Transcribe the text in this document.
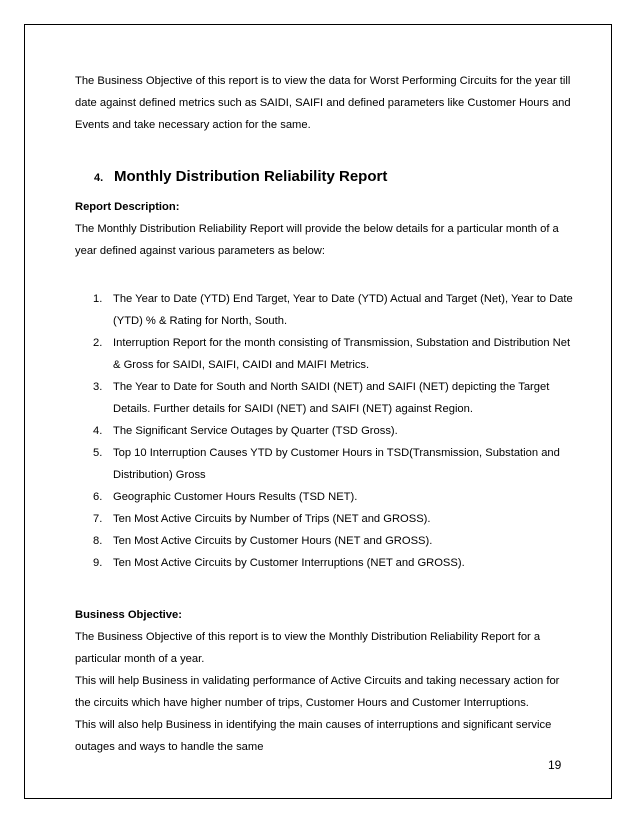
The Business Objective of this report is to view the data for Worst Performing Circuits for the year till date against defined metrics such as SAIDI, SAIFI and defined parameters like Customer Hours and Events and take necessary action for the same.

4. Monthly Distribution Reliability Report

Report Description:

The Monthly Distribution Reliability Report will provide the below details for a particular month of a year defined against various parameters as below:

1. The Year to Date (YTD) End Target, Year to Date (YTD) Actual and Target (Net), Year to Date (YTD) % & Rating for North, South.
2. Interruption Report for the month consisting of Transmission, Substation and Distribution Net & Gross for SAIDI, SAIFI, CAIDI and MAIFI Metrics.
3. The Year to Date for South and North SAIDI (NET) and SAIFI (NET) depicting the Target Details. Further details for SAIDI (NET) and SAIFI (NET) against Region.
4. The Significant Service Outages by Quarter (TSD Gross).
5. Top 10 Interruption Causes YTD by Customer Hours in TSD(Transmission, Substation and Distribution) Gross
6. Geographic Customer Hours Results (TSD NET).
7. Ten Most Active Circuits by Number of Trips (NET and GROSS).
8. Ten Most Active Circuits by Customer Hours (NET and GROSS).
9. Ten Most Active Circuits by Customer Interruptions (NET and GROSS).

Business Objective:

The Business Objective of this report is to view the Monthly Distribution Reliability Report for a particular month of a year.

This will help Business in validating performance of Active Circuits and taking necessary action for the circuits which have higher number of trips, Customer Hours and Customer Interruptions.

This will also help Business in identifying the main causes of interruptions and significant service outages and ways to handle the same

19
